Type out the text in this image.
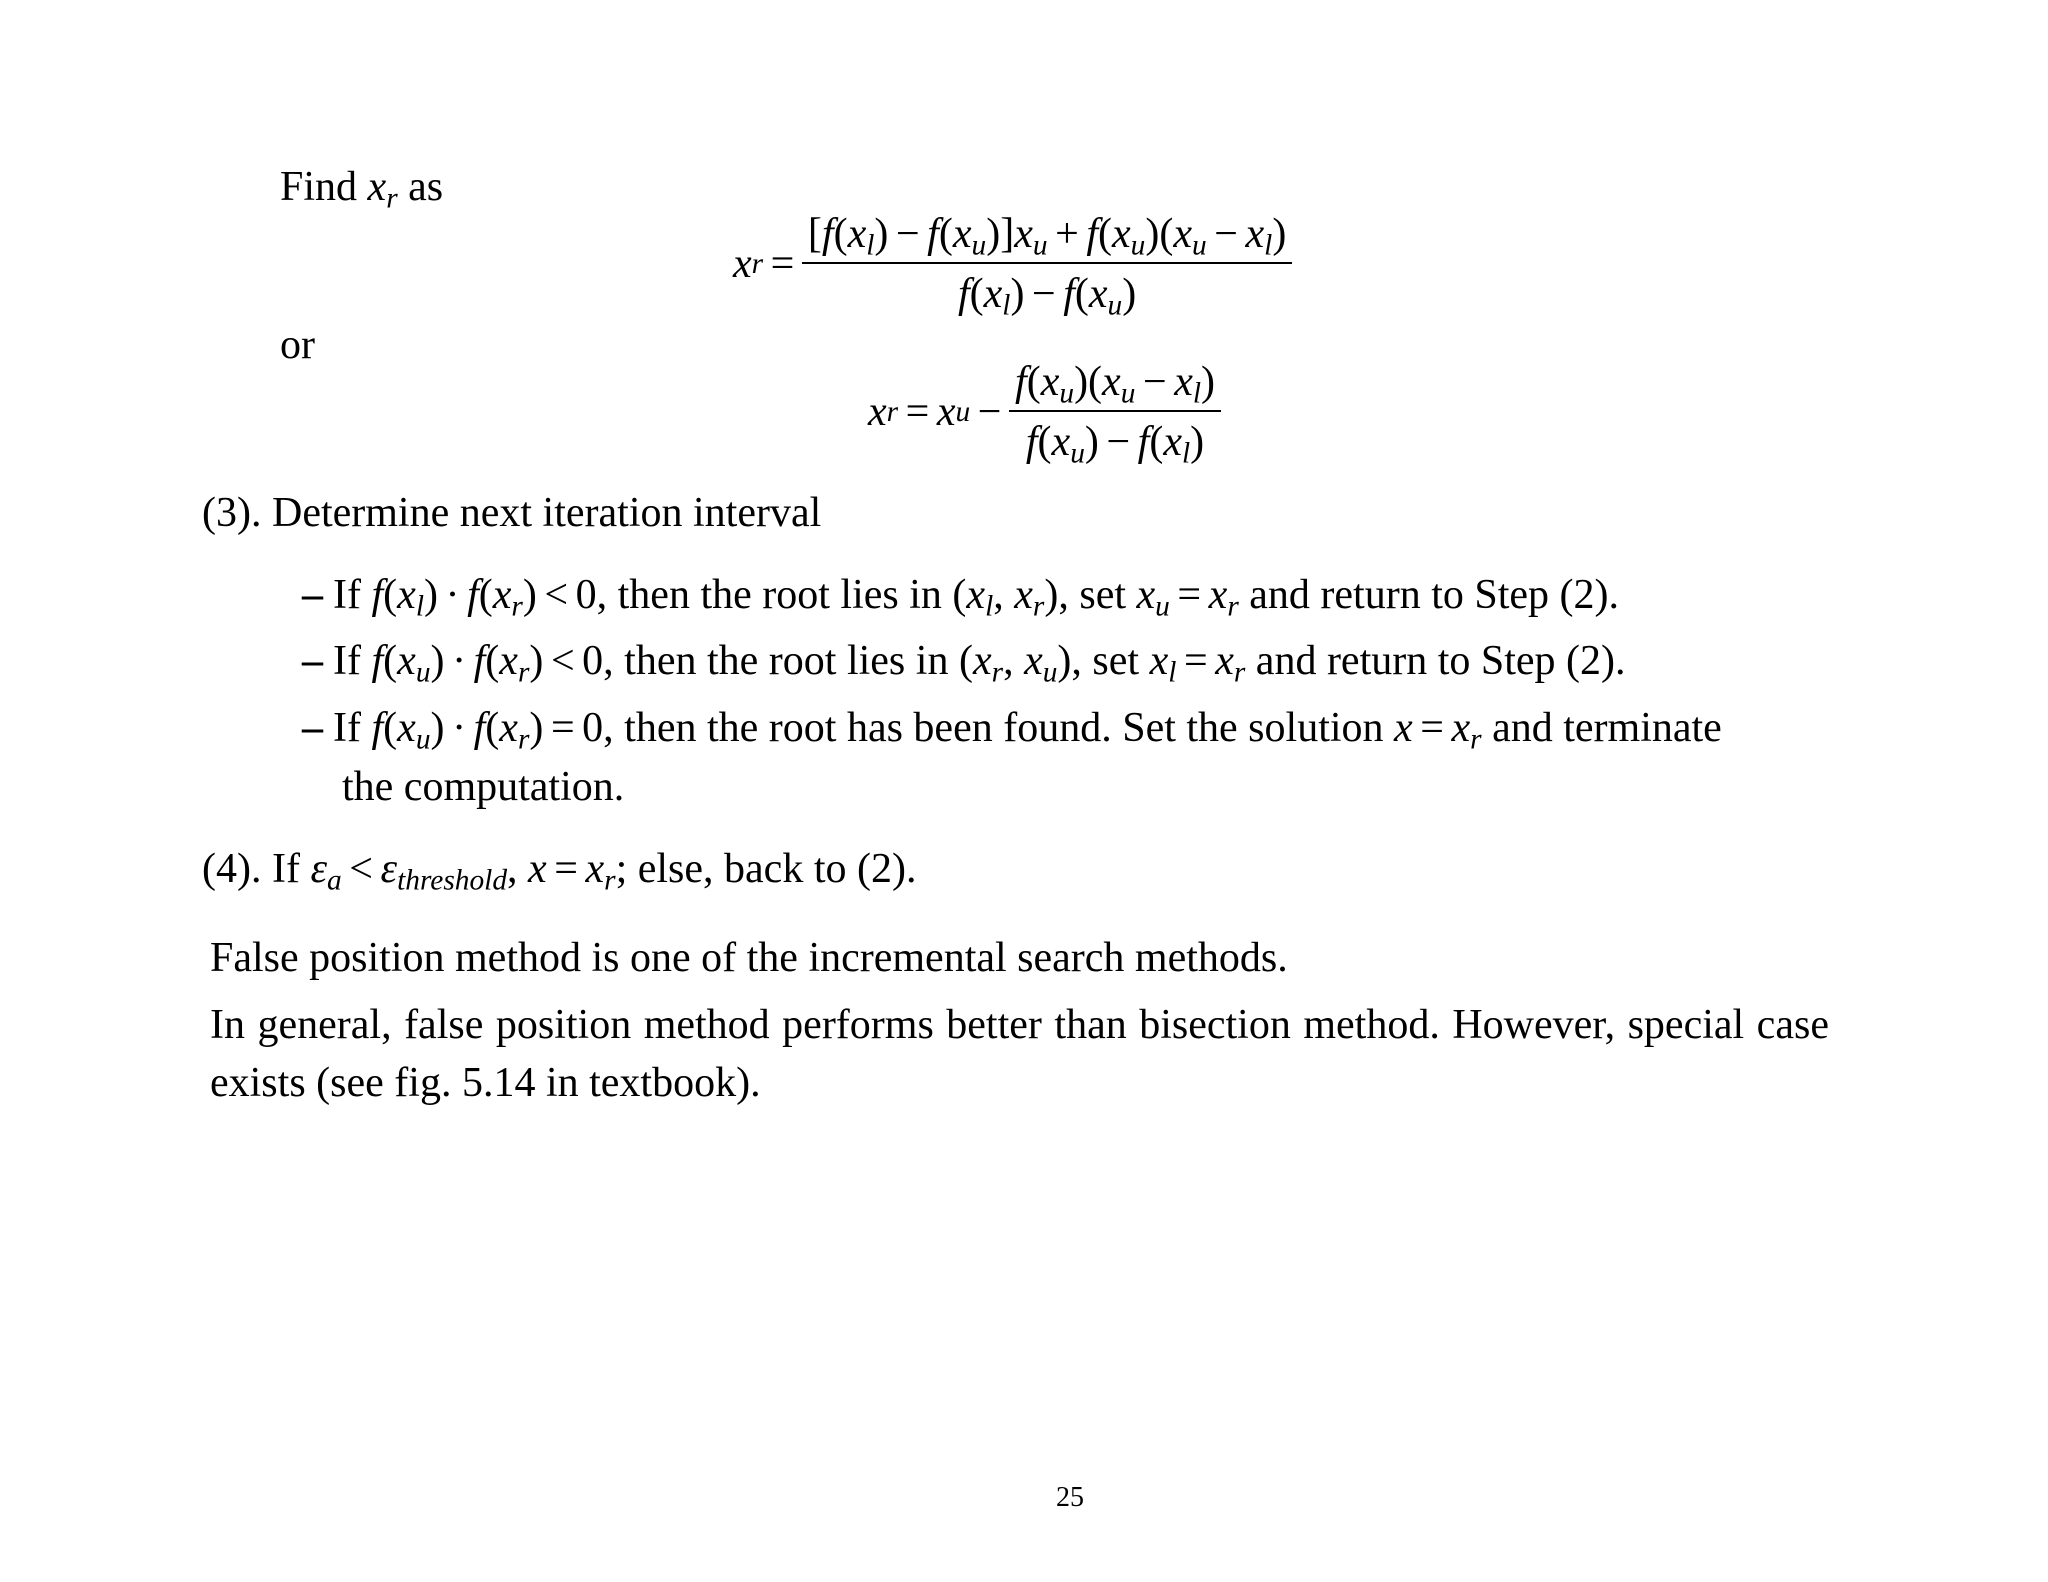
Find $x_r$ as
x $r = \frac{[f(x_l) - f(x_u)]x_u + f(x_u)(x_u - x_l)}{f(x_l) - f(x_u)}$
or
x r = x $u - \frac{f(x_u)(x_u - x_l)}{f(x_u) - f(x_l)}$
(3). Determine next iteration interval
– If $f(x_l) \cdot f(x_r) < 0$, then the root lies in ($x_l$, $x_r$), set $x_u = x_r$ and return to Step (2).
– If $f(x_u) \cdot f(x_r) < 0$, then the root lies in ($x_r$, $x_u$), set $x_l = x_r$ and return to Step (2).
– If $f(x_u) \cdot f(x_r) = 0$, then the root has been found. Set the solution $x = x_r$ and terminate
the computation.
(4). If $\varepsilon_a < \varepsilon_{threshold}$, $x = x_r$; else, back to (2).
False position method is one of the incremental search methods.
In general, false position method performs better than bisection method. However, special case
exists (see fig. 5.14 in textbook).
25
